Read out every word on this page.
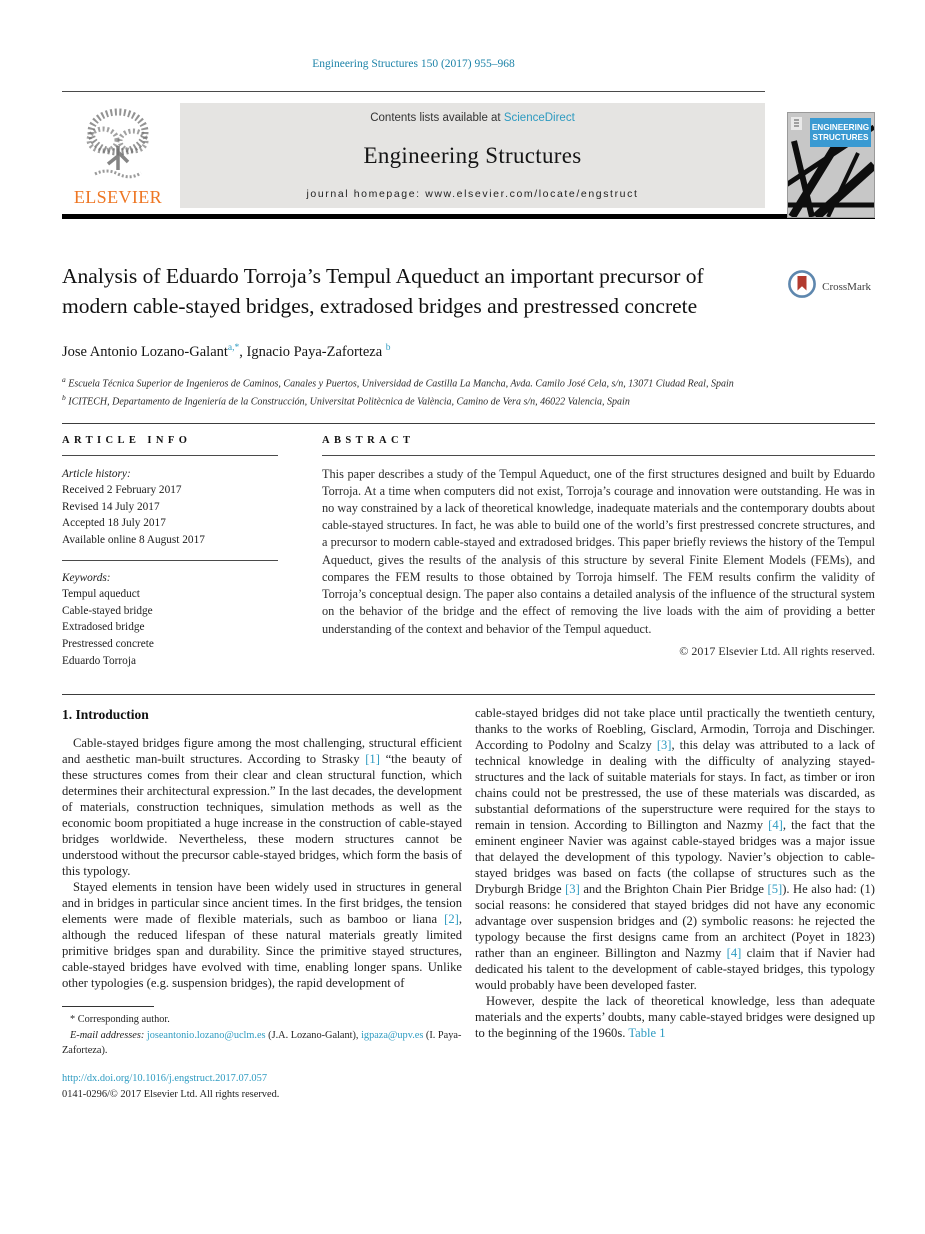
Engineering Structures 150 (2017) 955–968
ELSEVIER
Contents lists available at ScienceDirect
Engineering Structures
journal homepage: www.elsevier.com/locate/engstruct
ENGINEERING
STRUCTURES
Analysis of Eduardo Torroja’s Tempul Aqueduct an important precursor of modern cable-stayed bridges, extradosed bridges and prestressed concrete
CrossMark
Jose Antonio Lozano-Galant$^{a,*}$, Ignacio Paya-Zaforteza $^b$
$^a$ Escuela Técnica Superior de Ingenieros de Caminos, Canales y Puertos, Universidad de Castilla La Mancha, Avda. Camilo José Cela, s/n, 13071 Ciudad Real, Spain
$^b$ ICITECH, Departamento de Ingeniería de la Construcción, Universitat Politècnica de València, Camino de Vera s/n, 46022 Valencia, Spain
ARTICLE INFO
Article history:
Received 2 February 2017
Revised 14 July 2017
Accepted 18 July 2017
Available online 8 August 2017
Keywords:
Tempul aqueduct
Cable-stayed bridge
Extradosed bridge
Prestressed concrete
Eduardo Torroja
ABSTRACT
This paper describes a study of the Tempul Aqueduct, one of the first structures designed and built by Eduardo Torroja. At a time when computers did not exist, Torroja’s courage and innovation were outstanding. He was in no way constrained by a lack of theoretical knowledge, inadequate materials and the contemporary doubts about cable-stayed structures. In fact, he was able to build one of the world’s first prestressed concrete structures, and a precursor to modern cable-stayed and extradosed bridges. This paper briefly reviews the history of the Tempul Aqueduct, gives the results of the analysis of this structure by several Finite Element Models (FEMs), and compares the FEM results to those obtained by Torroja himself. The FEM results confirm the validity of Torroja’s conceptual design. The paper also contains a detailed analysis of the influence of the structural system on the behavior of the bridge and the effect of removing the live loads with the aim of providing a better understanding of the context and behavior of the Tempul aqueduct.
© 2017 Elsevier Ltd. All rights reserved.
1. Introduction

Cable-stayed bridges figure among the most challenging, structural efficient and aesthetic man-built structures. According to Strasky [1] “the beauty of these structures comes from their clear and clean structural function, which determines their architectural expression.” In the last decades, the development of materials, construction techniques, simulation methods as well as the economic boom propitiated a huge increase in the construction of cable-stayed bridges worldwide. Nevertheless, these modern structures cannot be understood without the precursor cable-stayed bridges, which form the basis of this typology.

Stayed elements in tension have been widely used in structures in general and in bridges in particular since ancient times. In the first bridges, the tension elements were made of flexible materials, such as bamboo or liana [2], although the reduced lifespan of these natural materials greatly limited primitive bridges span and durability. Since the primitive stayed structures, cable-stayed bridges have evolved with time, enabling longer spans. Unlike other typologies (e.g. suspension bridges), the rapid development of

* Corresponding author.

E-mail addresses: joseantonio.lozano@uclm.es (J.A. Lozano-Galant), igpaza@upv.es (I. Paya-Zaforteza).

http://dx.doi.org/10.1016/j.engstruct.2017.07.057
0141-0296/© 2017 Elsevier Ltd. All rights reserved.

cable-stayed bridges did not take place until practically the twentieth century, thanks to the works of Roebling, Gisclard, Armodin, Torroja and Dischinger. According to Podolny and Scalzy [3], this delay was attributed to a lack of technical knowledge in dealing with the difficulty of analyzing stayed-structures and the lack of suitable materials for stays. In fact, as timber or iron chains could not be prestressed, the use of these materials was discarded, as substantial deformations of the superstructure were required for the stays to remain in tension. According to Billington and Nazmy [4], the fact that the eminent engineer Navier was against cable-stayed bridges was a major issue that delayed the development of this typology. Navier’s objection to cable-stayed bridges was based on facts (the collapse of structures such as the Dryburgh Bridge [3] and the Brighton Chain Pier Bridge [5]). He also had: (1) social reasons: he considered that stayed bridges did not have any economic advantage over suspension bridges and (2) symbolic reasons: he rejected the typology because the first designs came from an architect (Poyet in 1823) rather than an engineer. Billington and Nazmy [4] claim that if Navier had dedicated his talent to the development of cable-stayed bridges, this typology would probably have been developed faster.

However, despite the lack of theoretical knowledge, less than adequate materials and the experts’ doubts, many cable-stayed bridges were designed up to the beginning of the 1960s. Table 1
